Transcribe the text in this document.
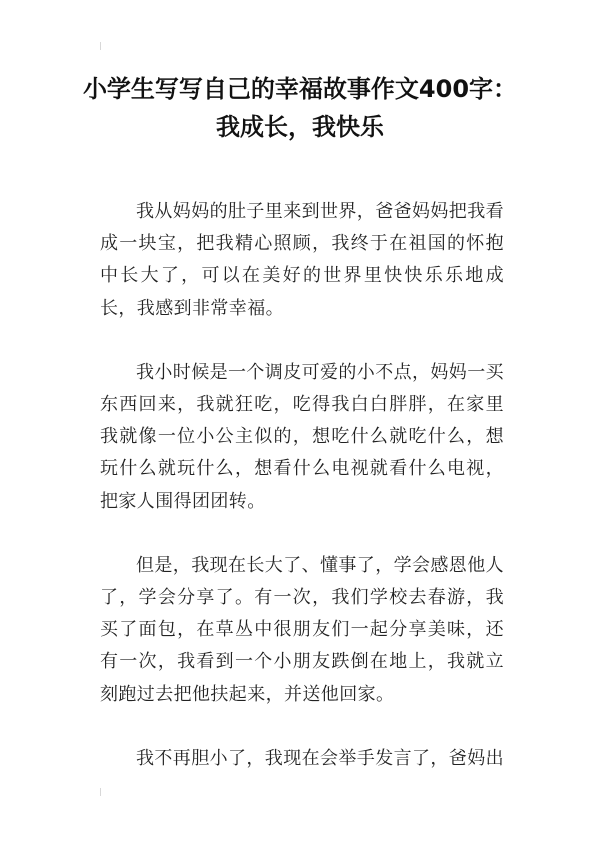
小学生写写自己的幸福故事作文400字：我成长，我快乐

我从妈妈的肚子里来到世界，爸爸妈妈把我看成一块宝，把我精心照顾，我终于在祖国的怀抱中长大了，可以在美好的世界里快快乐乐地成长，我感到非常幸福。

我小时候是一个调皮可爱的小不点，妈妈一买东西回来，我就狂吃，吃得我白白胖胖，在家里我就像一位小公主似的，想吃什么就吃什么，想玩什么就玩什么，想看什么电视就看什么电视，把家人围得团团转。

但是，我现在长大了、懂事了，学会感恩他人了，学会分享了。有一次，我们学校去春游，我买了面包，在草丛中很朋友们一起分享美味，还有一次，我看到一个小朋友跌倒在地上，我就立刻跑过去把他扶起来，并送他回家。

我不再胆小了，我现在会举手发言了，爸妈出
